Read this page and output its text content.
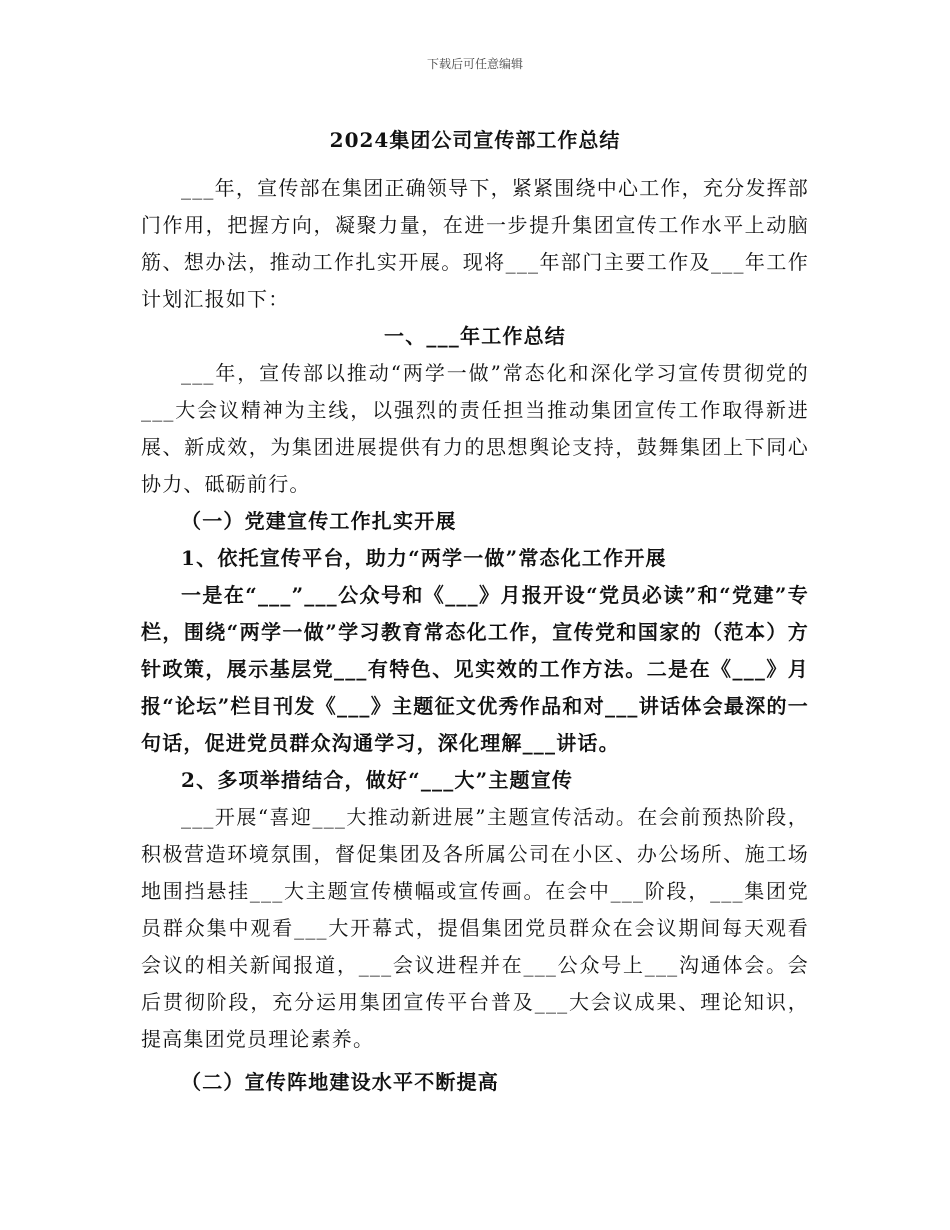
下载后可任意编辑
2024集团公司宣传部工作总结

___年，宣传部在集团正确领导下，紧紧围绕中心工作，充分发挥部门作用，把握方向，凝聚力量，在进一步提升集团宣传工作水平上动脑筋、想办法，推动工作扎实开展。现将___年部门主要工作及___年工作计划汇报如下：

一、___年工作总结

___年，宣传部以推动“两学一做”常态化和深化学习宣传贯彻党的___大会议精神为主线，以强烈的责任担当推动集团宣传工作取得新进展、新成效，为集团进展提供有力的思想舆论支持，鼓舞集团上下同心协力、砥砺前行。

（一）党建宣传工作扎实开展

1、依托宣传平台，助力“两学一做”常态化工作开展

一是在“___”___公众号和《___》月报开设“党员必读”和“党建”专栏，围绕“两学一做”学习教育常态化工作，宣传党和国家的（范本）方针政策，展示基层党___有特色、见实效的工作方法。二是在《___》月报“论坛”栏目刊发《___》主题征文优秀作品和对___讲话体会最深的一句话，促进党员群众沟通学习，深化理解___讲话。

2、多项举措结合，做好“___大”主题宣传

___开展“喜迎___大推动新进展”主题宣传活动。在会前预热阶段，积极营造环境氛围，督促集团及各所属公司在小区、办公场所、施工场地围挡悬挂___大主题宣传横幅或宣传画。在会中___阶段，___集团党员群众集中观看___大开幕式，提倡集团党员群众在会议期间每天观看会议的相关新闻报道，___会议进程并在___公众号上___沟通体会。会后贯彻阶段，充分运用集团宣传平台普及___大会议成果、理论知识，提高集团党员理论素养。

（二）宣传阵地建设水平不断提高
